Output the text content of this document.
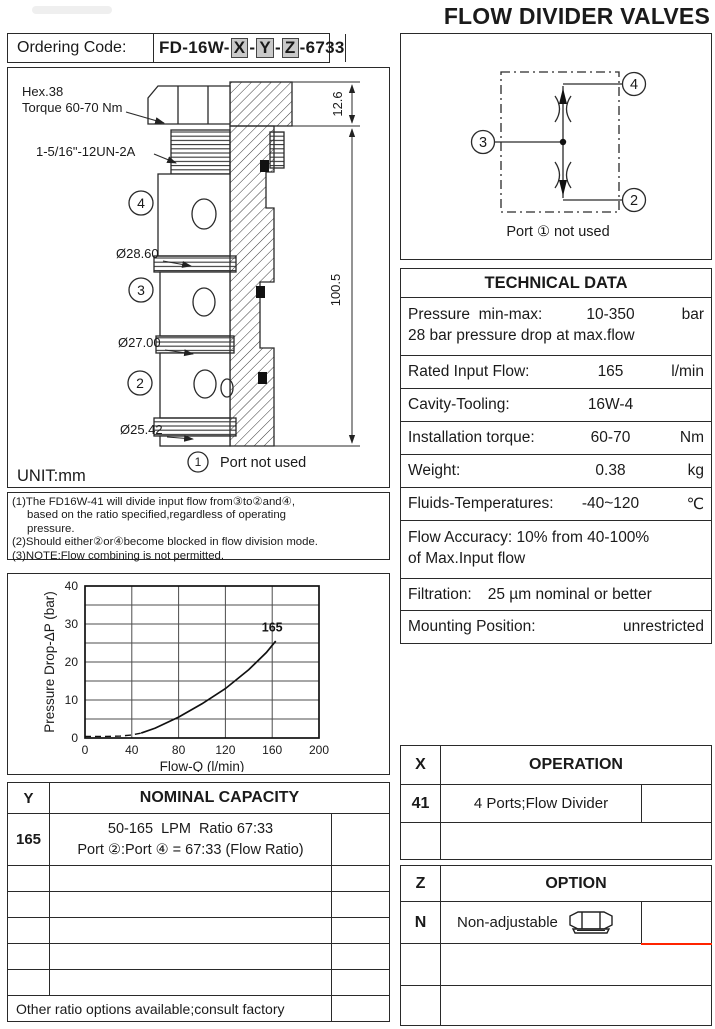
FLOW DIVIDER VALVES
Ordering Code:	FD-16W- X - Y - Z -6733
12.6
100.5
Hex.38
Torque 60-70 Nm
1-5/16"-12UN-2A
Ø28.60
Ø27.00
Ø25.42
4
3
2
1 Port not used
UNIT:mm
(1)The FD16W-41 will divide input flow from③to②and④,
based on the ratio specified,regardless of operating
pressure.
(2)Should either②or④become blocked in flow division mode.
(3)NOTE:Flow combining is not permitted.
0	40	80	120 160 200
0
10
20
30
40
Flow-Q (l/min)
Pressure Drop-ΔP (bar)	165
3
4
2
Port ① not used
TECHNICAL DATA
Pressure  min-max:	10-350	bar
28 bar pressure drop at max.flow
Rated Input Flow:	165	l/min
Cavity-Tooling:	16W-4
Installation torque:	60-70	Nm
Weight:	0.38	kg
Fluids-Temperatures:	-40~120	℃
Flow Accuracy: 10% from 40-100%
of Max.Input flow
Filtration: 25 µm nominal or better
Mounting Position:	unrestricted
X	OPERATION
41	4 Ports;Flow Divider
Y	NOMINAL CAPACITY
165
50-165  LPM  Ratio 67:33
Port ②:Port ④ = 67:33 (Flow Ratio)
Other ratio options available;consult factory
Z	OPTION
N	Non-adjustable
